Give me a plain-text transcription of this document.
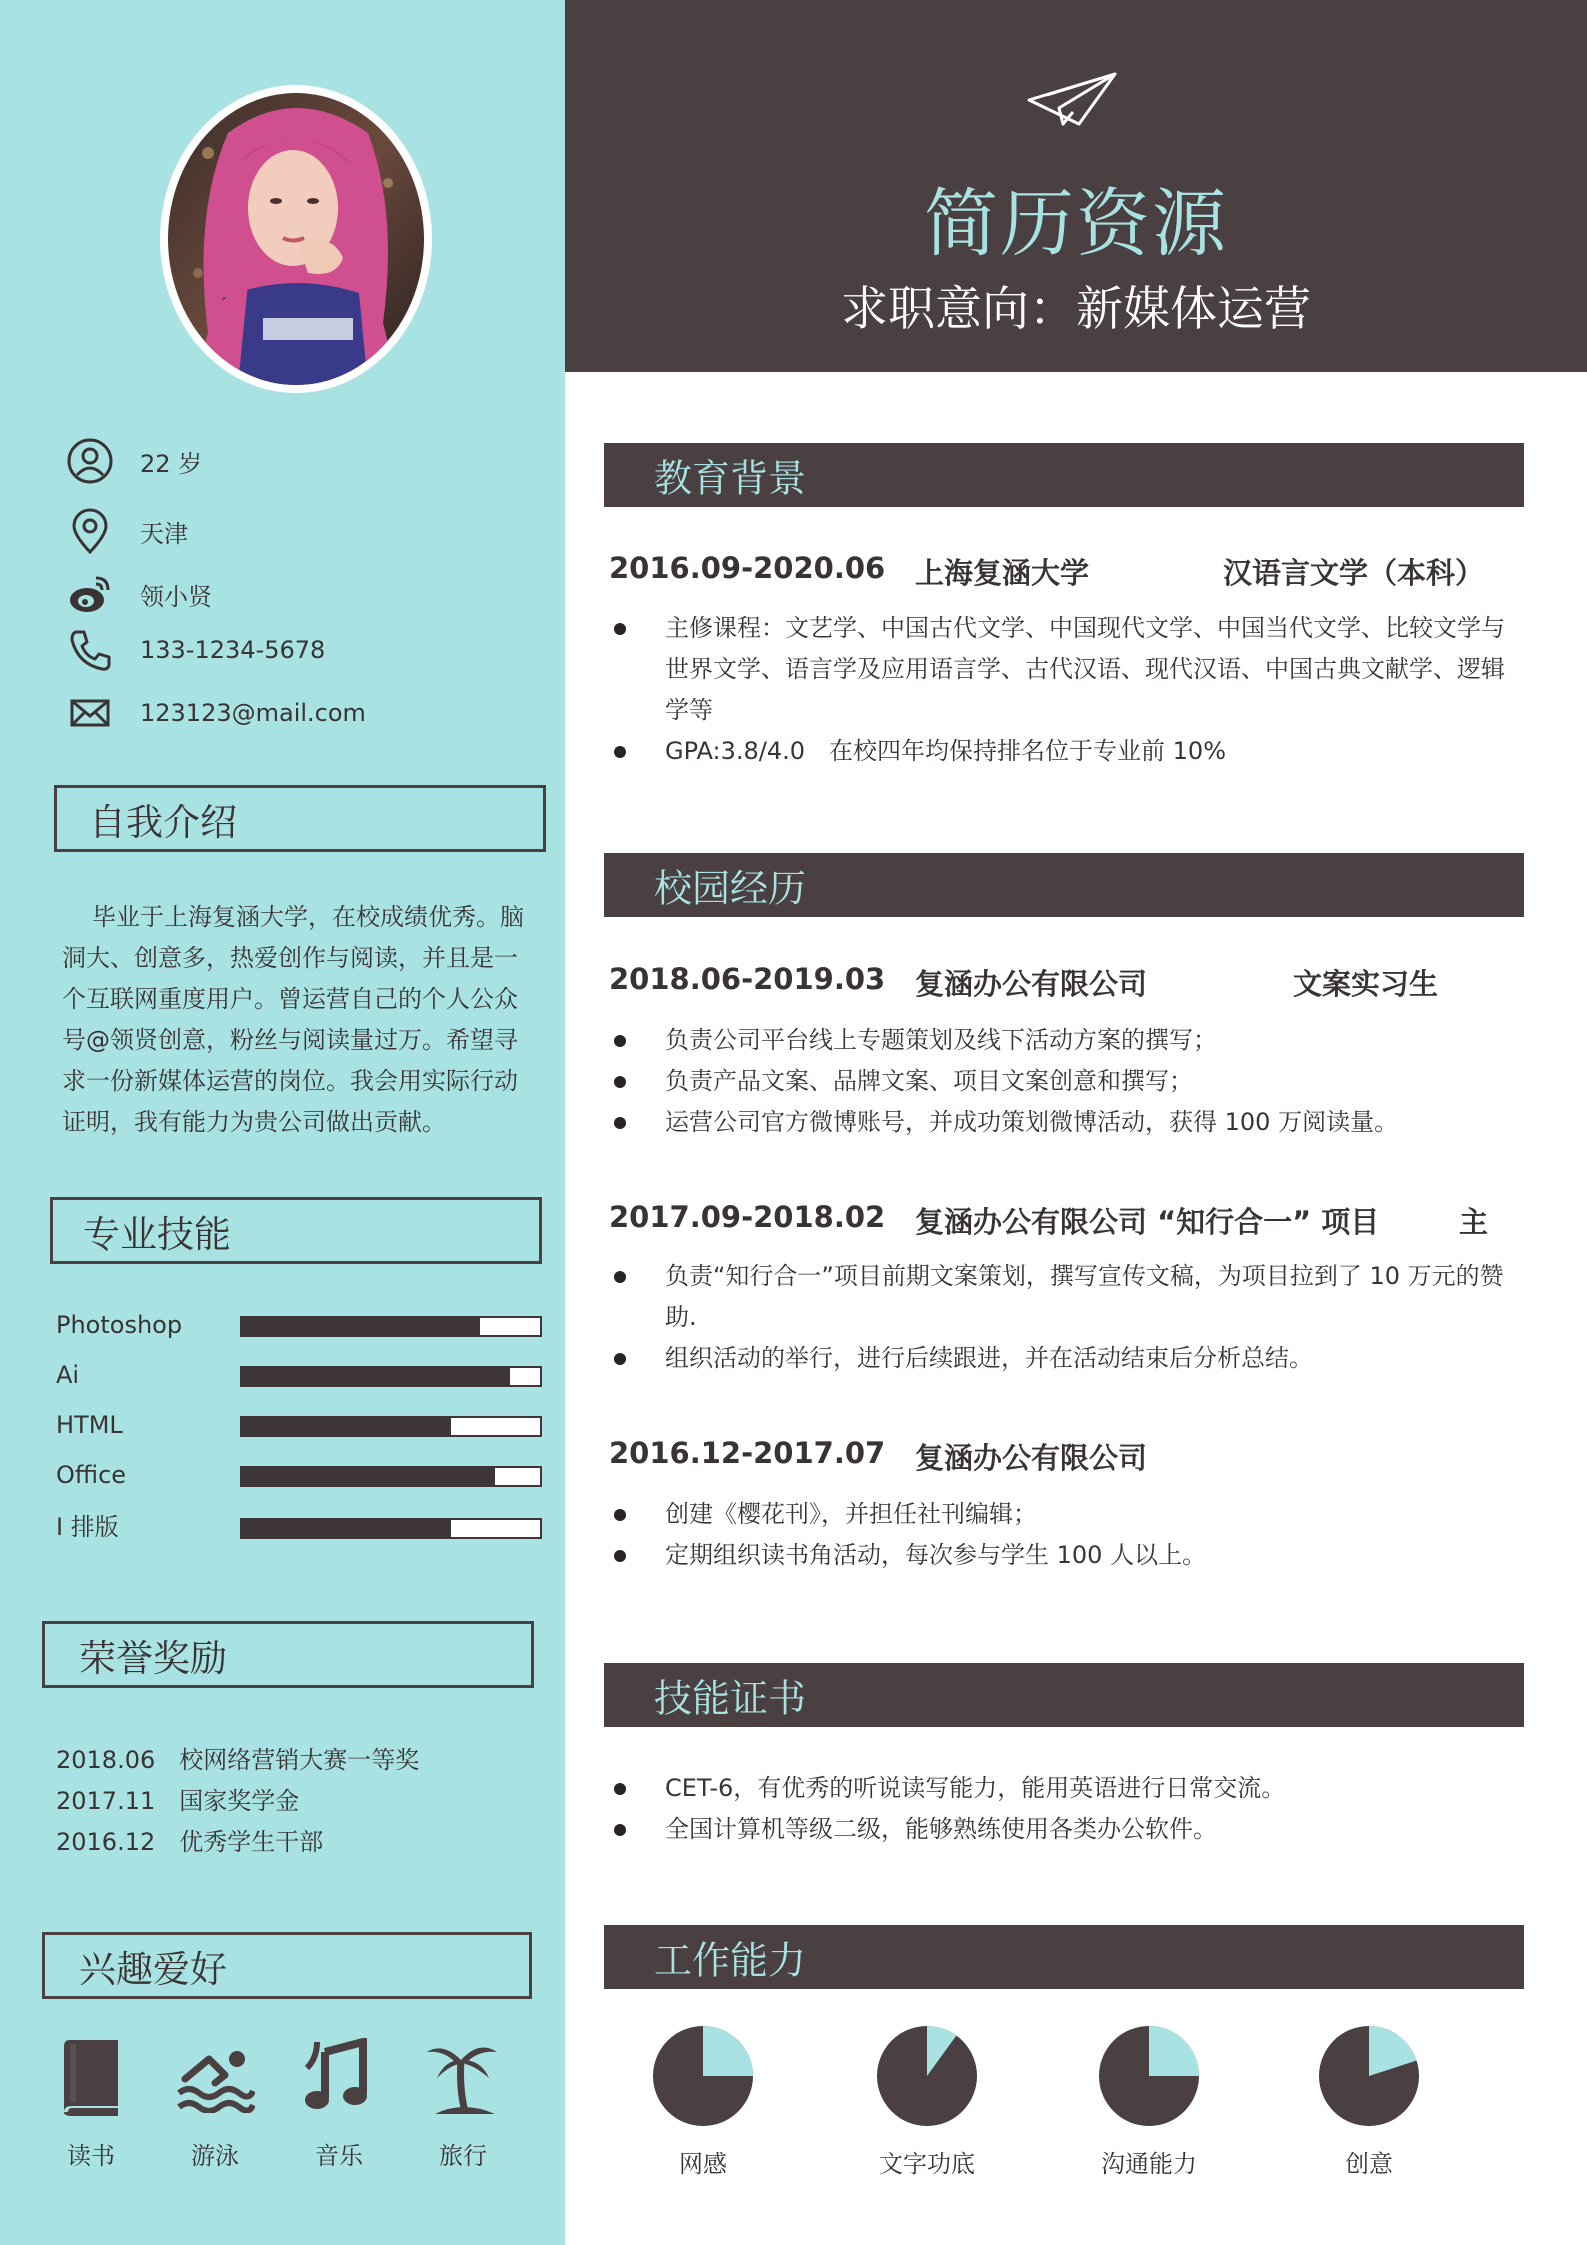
22 岁
天津
领小贤
133-1234-5678
123123@mail.com
自我介绍
毕业于上海复涵大学，在校成绩优秀。脑洞大、创意多，热爱创作与阅读，并且是一个互联网重度用户。曾运营自己的个人公众号@领贤创意，粉丝与阅读量过万。希望寻求一份新媒体运营的岗位。我会用实际行动证明，我有能力为贵公司做出贡献。
专业技能
Photoshop
Ai
HTML
Office
I 排版
荣誉奖励
2018.06　 校网络营销大赛一等奖
2017.11　 国家奖学金
2016.12　 优秀学生干部
兴趣爱好
读书	游泳	音乐	旅行
简历资源
求职意向：新媒体运营
教育背景
2016.09-2020.06 上海复涵大学	汉语言文学（本科）
主修课程：文艺学、中国古代文学、中国现代文学、中国当代文学、比较文学与世界文学、语言学及应用语言学、古代汉语、现代汉语、中国古典文献学、逻辑学等
GPA:3.8/4.0　在校四年均保持排名位于专业前 10%
校园经历
2018.06-2019.03 复涵办公有限公司	文案实习生
负责公司平台线上专题策划及线下活动方案的撰写；
负责产品文案、品牌文案、项目文案创意和撰写；
运营公司官方微博账号，并成功策划微博活动，获得 100 万阅读量。
2017.09-2018.02 复涵办公有限公司 “知行合一” 项目	主
负责“知行合一”项目前期文案策划，撰写宣传文稿，为项目拉到了 10 万元的赞助.
组织活动的举行，进行后续跟进，并在活动结束后分析总结。
2016.12-2017.07 复涵办公有限公司
创建《樱花刊》，并担任社刊编辑；
定期组织读书角活动，每次参与学生 100 人以上。
技能证书
CET-6，有优秀的听说读写能力，能用英语进行日常交流。
全国计算机等级二级，能够熟练使用各类办公软件。
工作能力
网感	文字功底	沟通能力	创意
